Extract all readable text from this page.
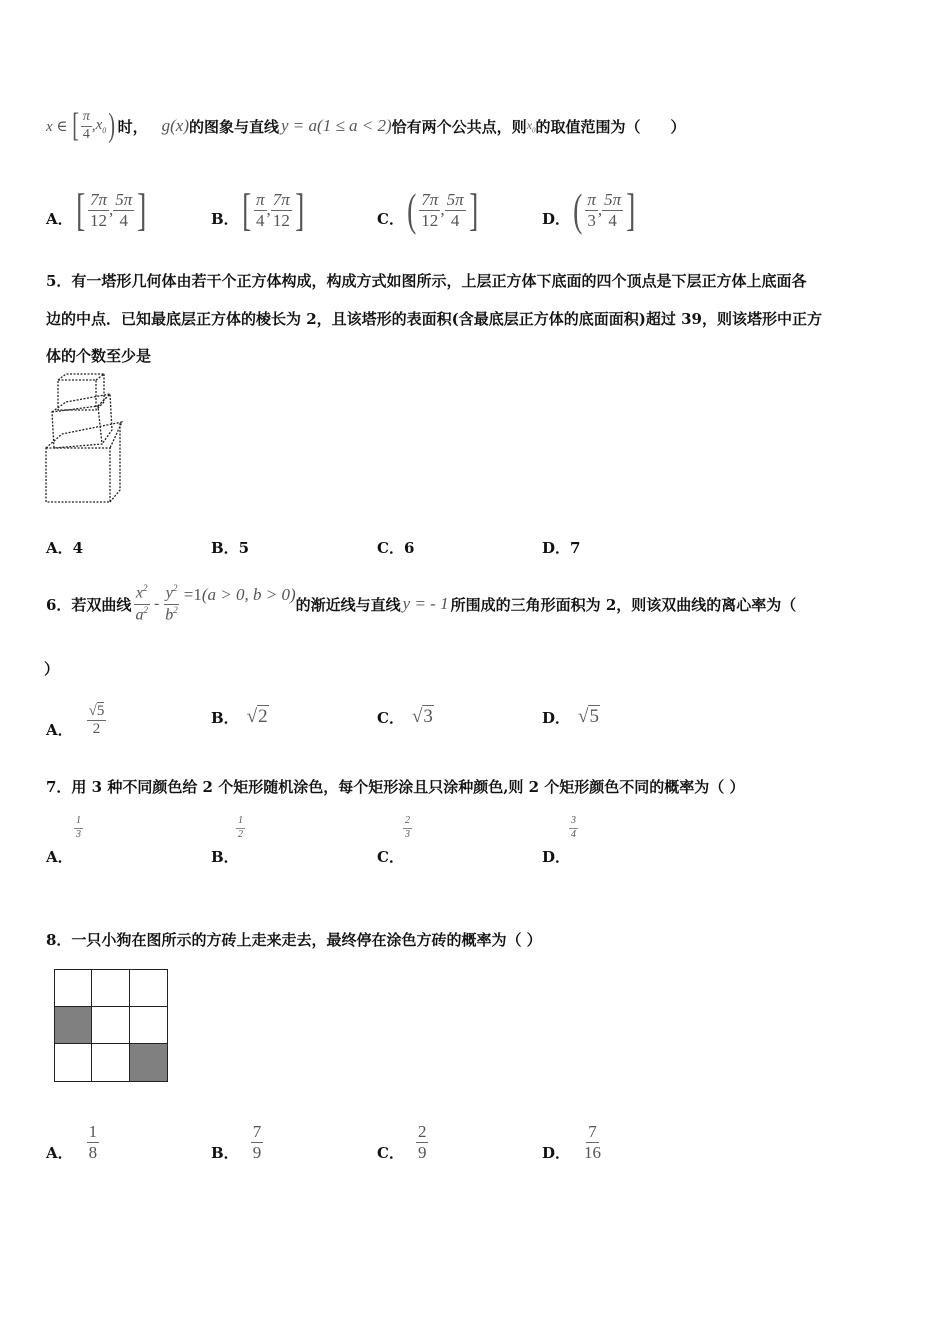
x ∈ [ $\frac{\pi}{4}$ , $x_0$ ) 时， g (x) 的图象与直线 y = a (1 ≤ a < 2) 恰有两个公共点，则 $x_0$ 的取值范围为（　　）
A． [ $\frac{7\pi}{12}$ , $\frac{5\pi}{4}$ ]	B． [ $\frac{\pi}{4}$ , $\frac{7\pi}{12}$ ]	C． ( $\frac{7\pi}{12}$ , $\frac{5\pi}{4}$ ]	D． ( $\frac{\pi}{3}$ , $\frac{5\pi}{4}$ ]
5．有一塔形几何体由若干个正方体构成，构成方式如图所示，上层正方体下底面的四个顶点是下层正方体上底面各
边的中点．已知最底层正方体的棱长为 2，且该塔形的表面积(含最底层正方体的底面面积)超过 39，则该塔形中正方
体的个数至少是
A．4	B．5	C．6	D．7
6．若双曲线 $\frac{x^2}{a^2} - \frac{y^2}{b^2} =1$ (a > 0, b > 0)
的渐近线与直线 y = - 1 所围成的三角形面积为 2，则该双曲线的离心率为（
）
A． $\frac{√5}{2}$	B． √2	C． √3	D． √5
7．用 3 种不同颜色给 2 个矩形随机涂色，每个矩形涂且只涂种颜色,则 2 个矩形颜色不同的概率为（ ）
$\frac{1}{3}$
A．
$\frac{1}{2}$
B．
$\frac{2}{3}$
C．
$\frac{3}{4}$
D．
8．一只小狗在图所示的方砖上走来走去，最终停在涂色方砖的概率为（ ）
A． $\frac{1}{8}$	B． $\frac{7}{9}$	C． $\frac{2}{9}$	D． $\frac{7}{16}$
